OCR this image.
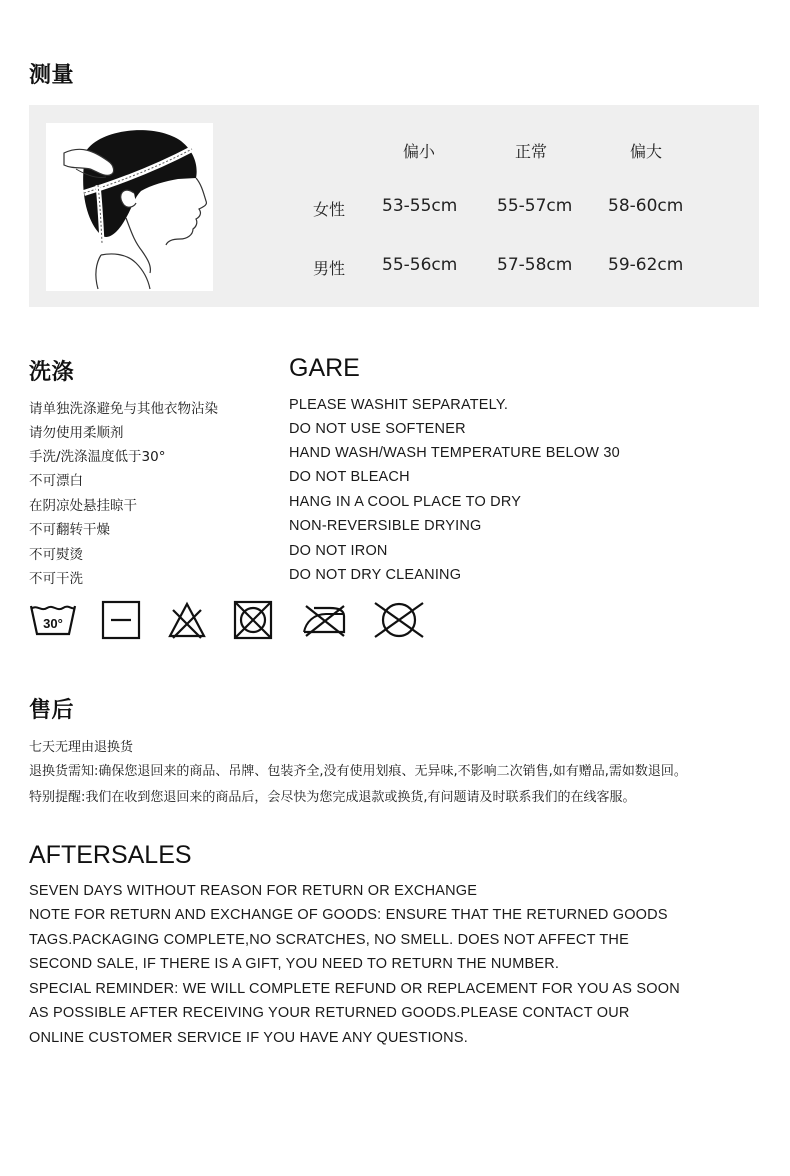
测量
偏小	正常	偏大
女性 53-55cm 55-57cm 58-60cm
男性 55-56cm 57-58cm 59-62cm
洗涤	GARE
请单独洗涤避免与其他衣物沾染
请勿使用柔顺剂
手洗/洗涤温度低于30°
不可漂白
在阴凉处悬挂晾干
不可翻转干燥
不可熨烫
不可干洗
PLEASE WASHIT SEPARATELY.
DO NOT USE SOFTENER
HAND WASH/WASH TEMPERATURE BELOW 30
DO NOT BLEACH
HANG IN A COOL PLACE TO DRY
NON-REVERSIBLE DRYING
DO NOT IRON
DO NOT DRY CLEANING
30°
售后
七天无理由退换货
退换货需知:确保您退回来的商品、吊牌、包装齐全,没有使用划痕、无异味,不影响二次销售,如有赠品,需如数退回。
特别提醒:我们在收到您退回来的商品后，会尽快为您完成退款或换货,有问题请及时联系我们的在线客服。
AFTERSALES
SEVEN DAYS WITHOUT REASON FOR RETURN OR EXCHANGE
NOTE FOR RETURN AND EXCHANGE OF GOODS: ENSURE THAT THE RETURNED GOODS
TAGS.PACKAGING COMPLETE,NO SCRATCHES, NO SMELL. DOES NOT AFFECT THE
SECOND SALE, IF THERE IS A GIFT, YOU NEED TO RETURN THE NUMBER.
SPECIAL REMINDER: WE WILL COMPLETE REFUND OR REPLACEMENT FOR YOU AS SOON
AS POSSIBLE AFTER RECEIVING YOUR RETURNED GOODS.PLEASE CONTACT OUR
ONLINE CUSTOMER SERVICE IF YOU HAVE ANY QUESTIONS.
